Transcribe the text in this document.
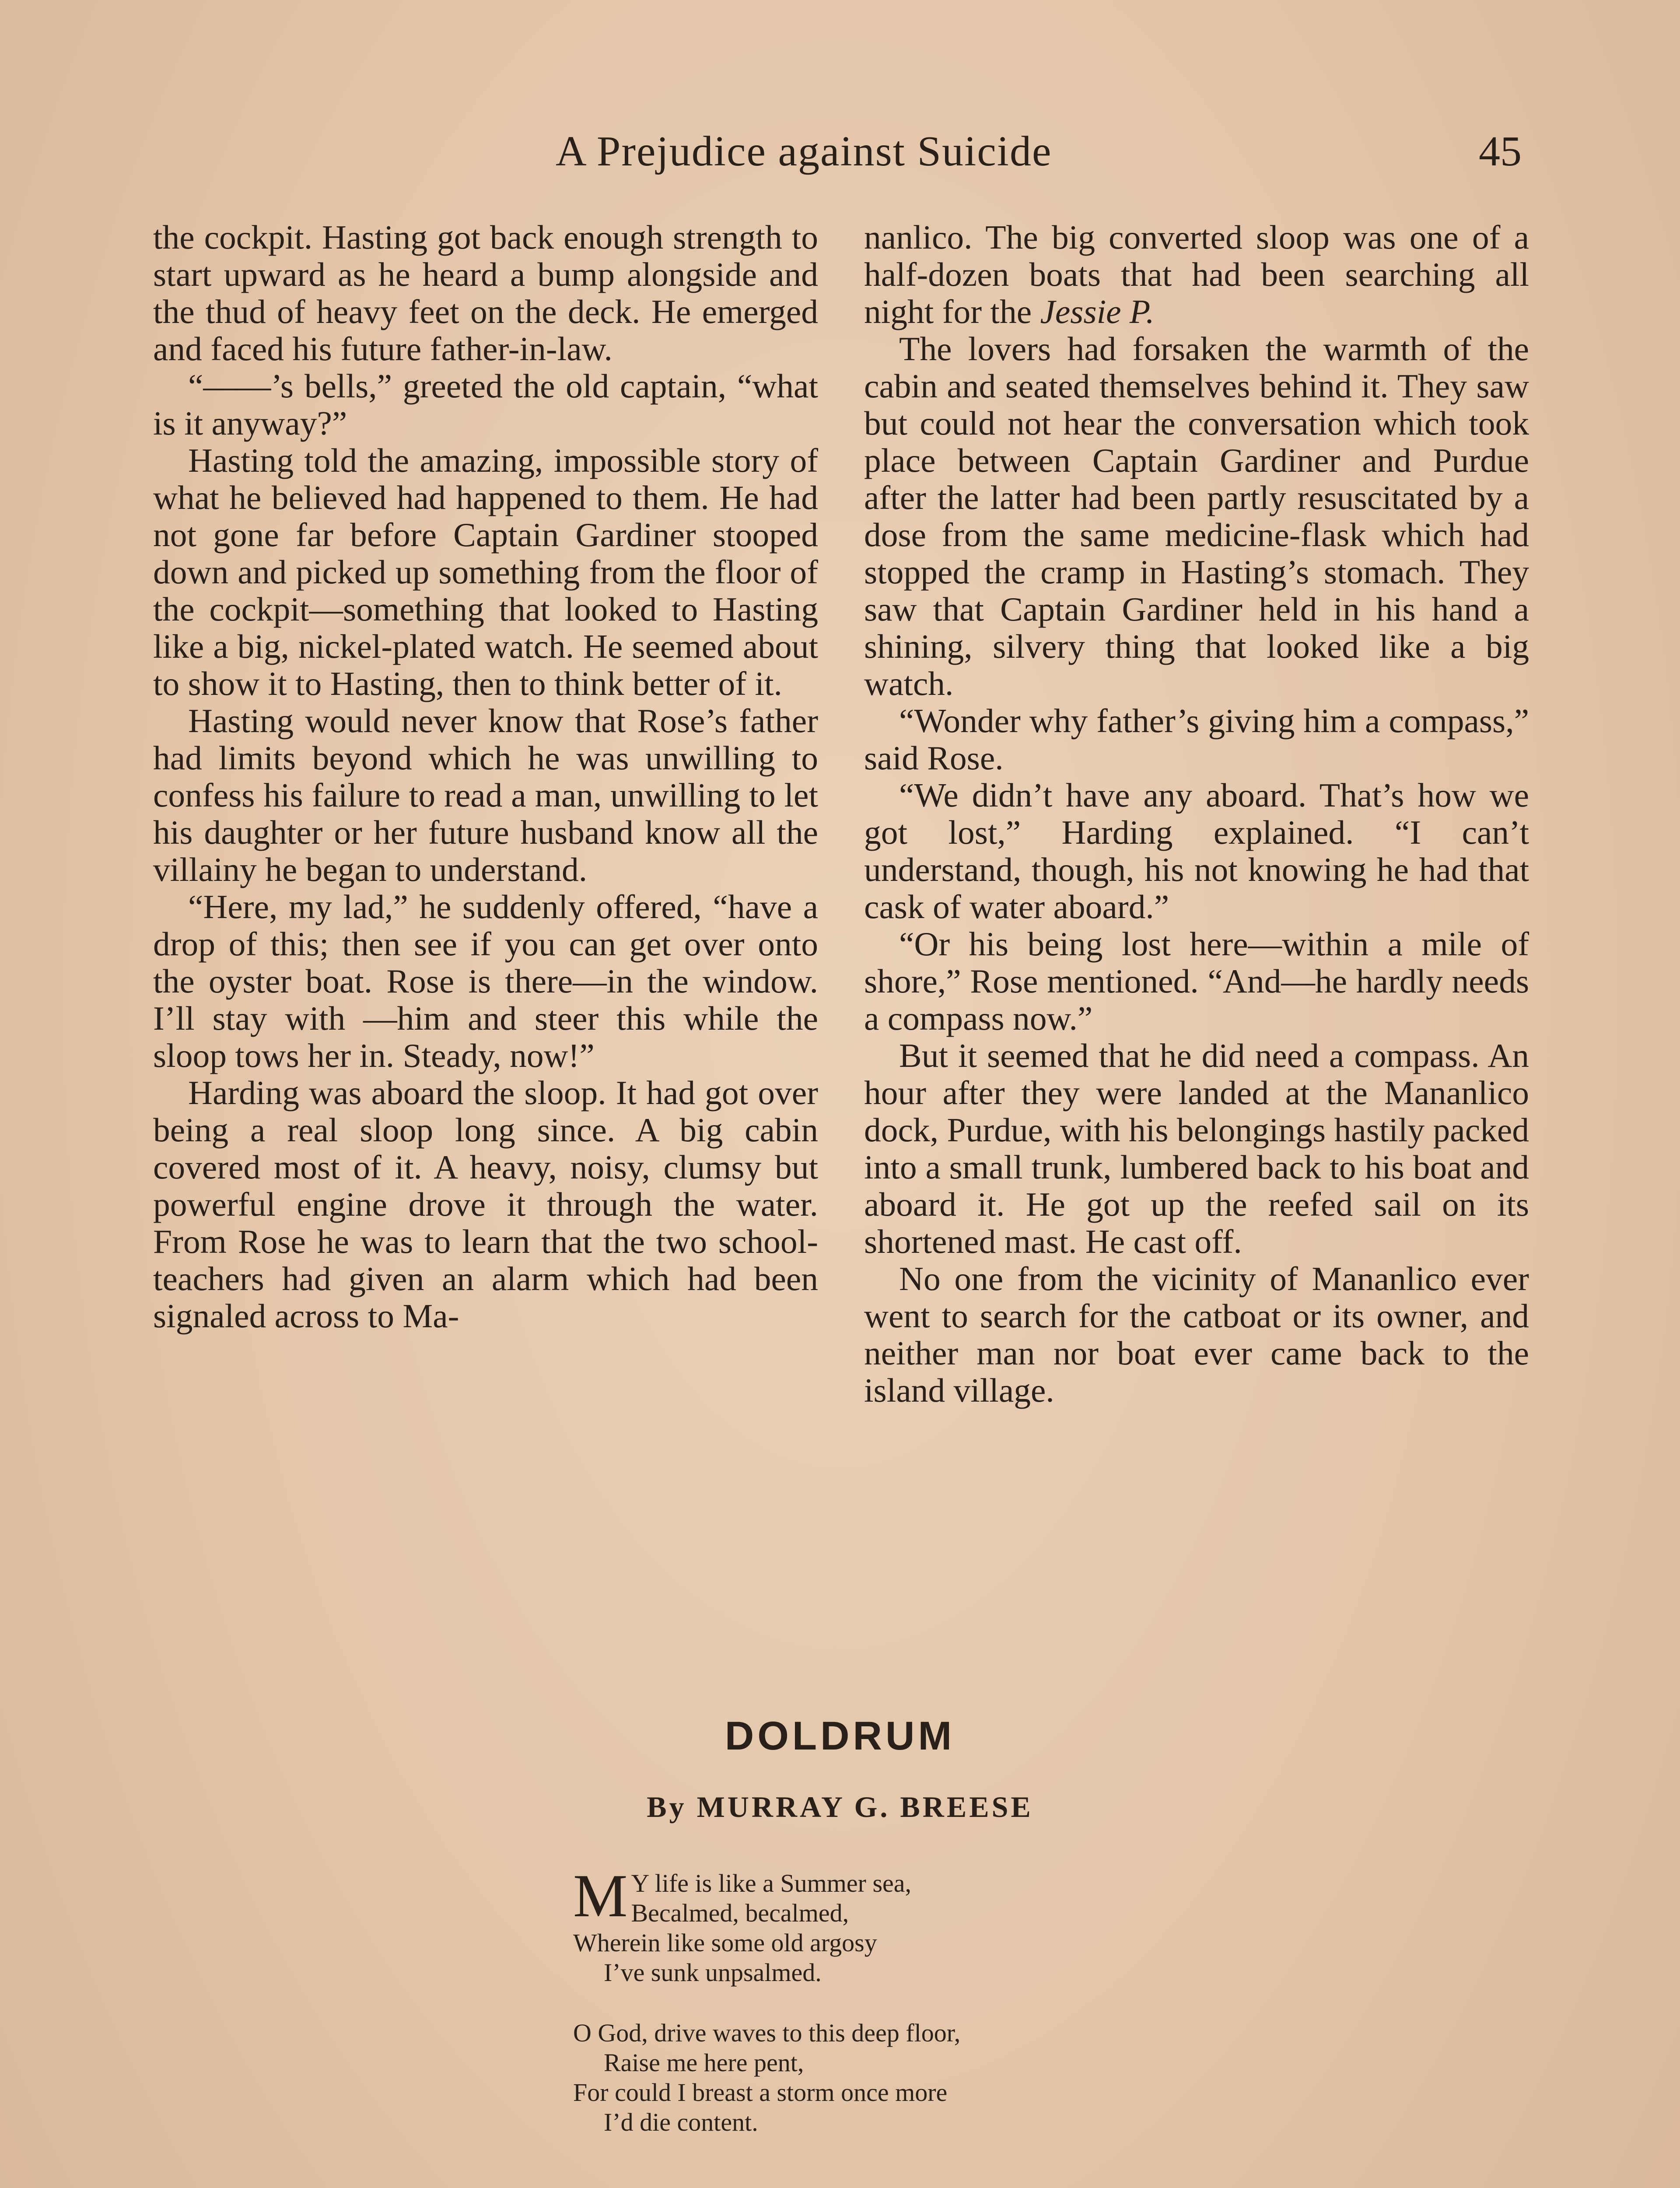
A Prejudice against Suicide	45

the cockpit. Hasting got back enough strength to start upward as he heard a bump alongside and the thud of heavy feet on the deck. He emerged and faced his future father-in-law.

“——’s bells,” greeted the old captain, “what is it anyway?”

Hasting told the amazing, impossible story of what he believed had happened to them. He had not gone far before Captain Gardiner stooped down and picked up something from the floor of the cockpit—something that looked to Hasting like a big, nickel-plated watch. He seemed about to show it to Hasting, then to think better of it.

Hasting would never know that Rose’s father had limits beyond which he was unwilling to confess his failure to read a man, unwilling to let his daughter or her future husband know all the villainy he began to understand.

“Here, my lad,” he suddenly offered, “have a drop of this; then see if you can get over onto the oyster boat. Rose is there—in the window. I’ll stay with —him and steer this while the sloop tows her in. Steady, now!”

Harding was aboard the sloop. It had got over being a real sloop long since. A big cabin covered most of it. A heavy, noisy, clumsy but powerful engine drove it through the water. From Rose he was to learn that the two school-teachers had given an alarm which had been signaled across to Ma-

nanlico. The big converted sloop was one of a half-dozen boats that had been searching all night for the Jessie P.

The lovers had forsaken the warmth of the cabin and seated themselves behind it. They saw but could not hear the conversation which took place between Captain Gardiner and Purdue after the latter had been partly resuscitated by a dose from the same medicine-flask which had stopped the cramp in Hasting’s stomach. They saw that Captain Gardiner held in his hand a shining, silvery thing that looked like a big watch.

“Wonder why father’s giving him a compass,” said Rose.

“We didn’t have any aboard. That’s how we got lost,” Harding explained. “I can’t understand, though, his not knowing he had that cask of water aboard.”

“Or his being lost here—within a mile of shore,” Rose mentioned. “And—he hardly needs a compass now.”

But it seemed that he did need a compass. An hour after they were landed at the Mananlico dock, Purdue, with his belongings hastily packed into a small trunk, lumbered back to his boat and aboard it. He got up the reefed sail on its shortened mast. He cast off.

No one from the vicinity of Mananlico ever went to search for the catboat or its owner, and neither man nor boat ever came back to the island village.

DOLDRUM
By MURRAY G. BREESE
M Y life is like a Summer sea,
Becalmed, becalmed,
Wherein like some old argosy
I’ve sunk unpsalmed.
O God, drive waves to this deep floor,
Raise me here pent,
For could I breast a storm once more
I’d die content.
